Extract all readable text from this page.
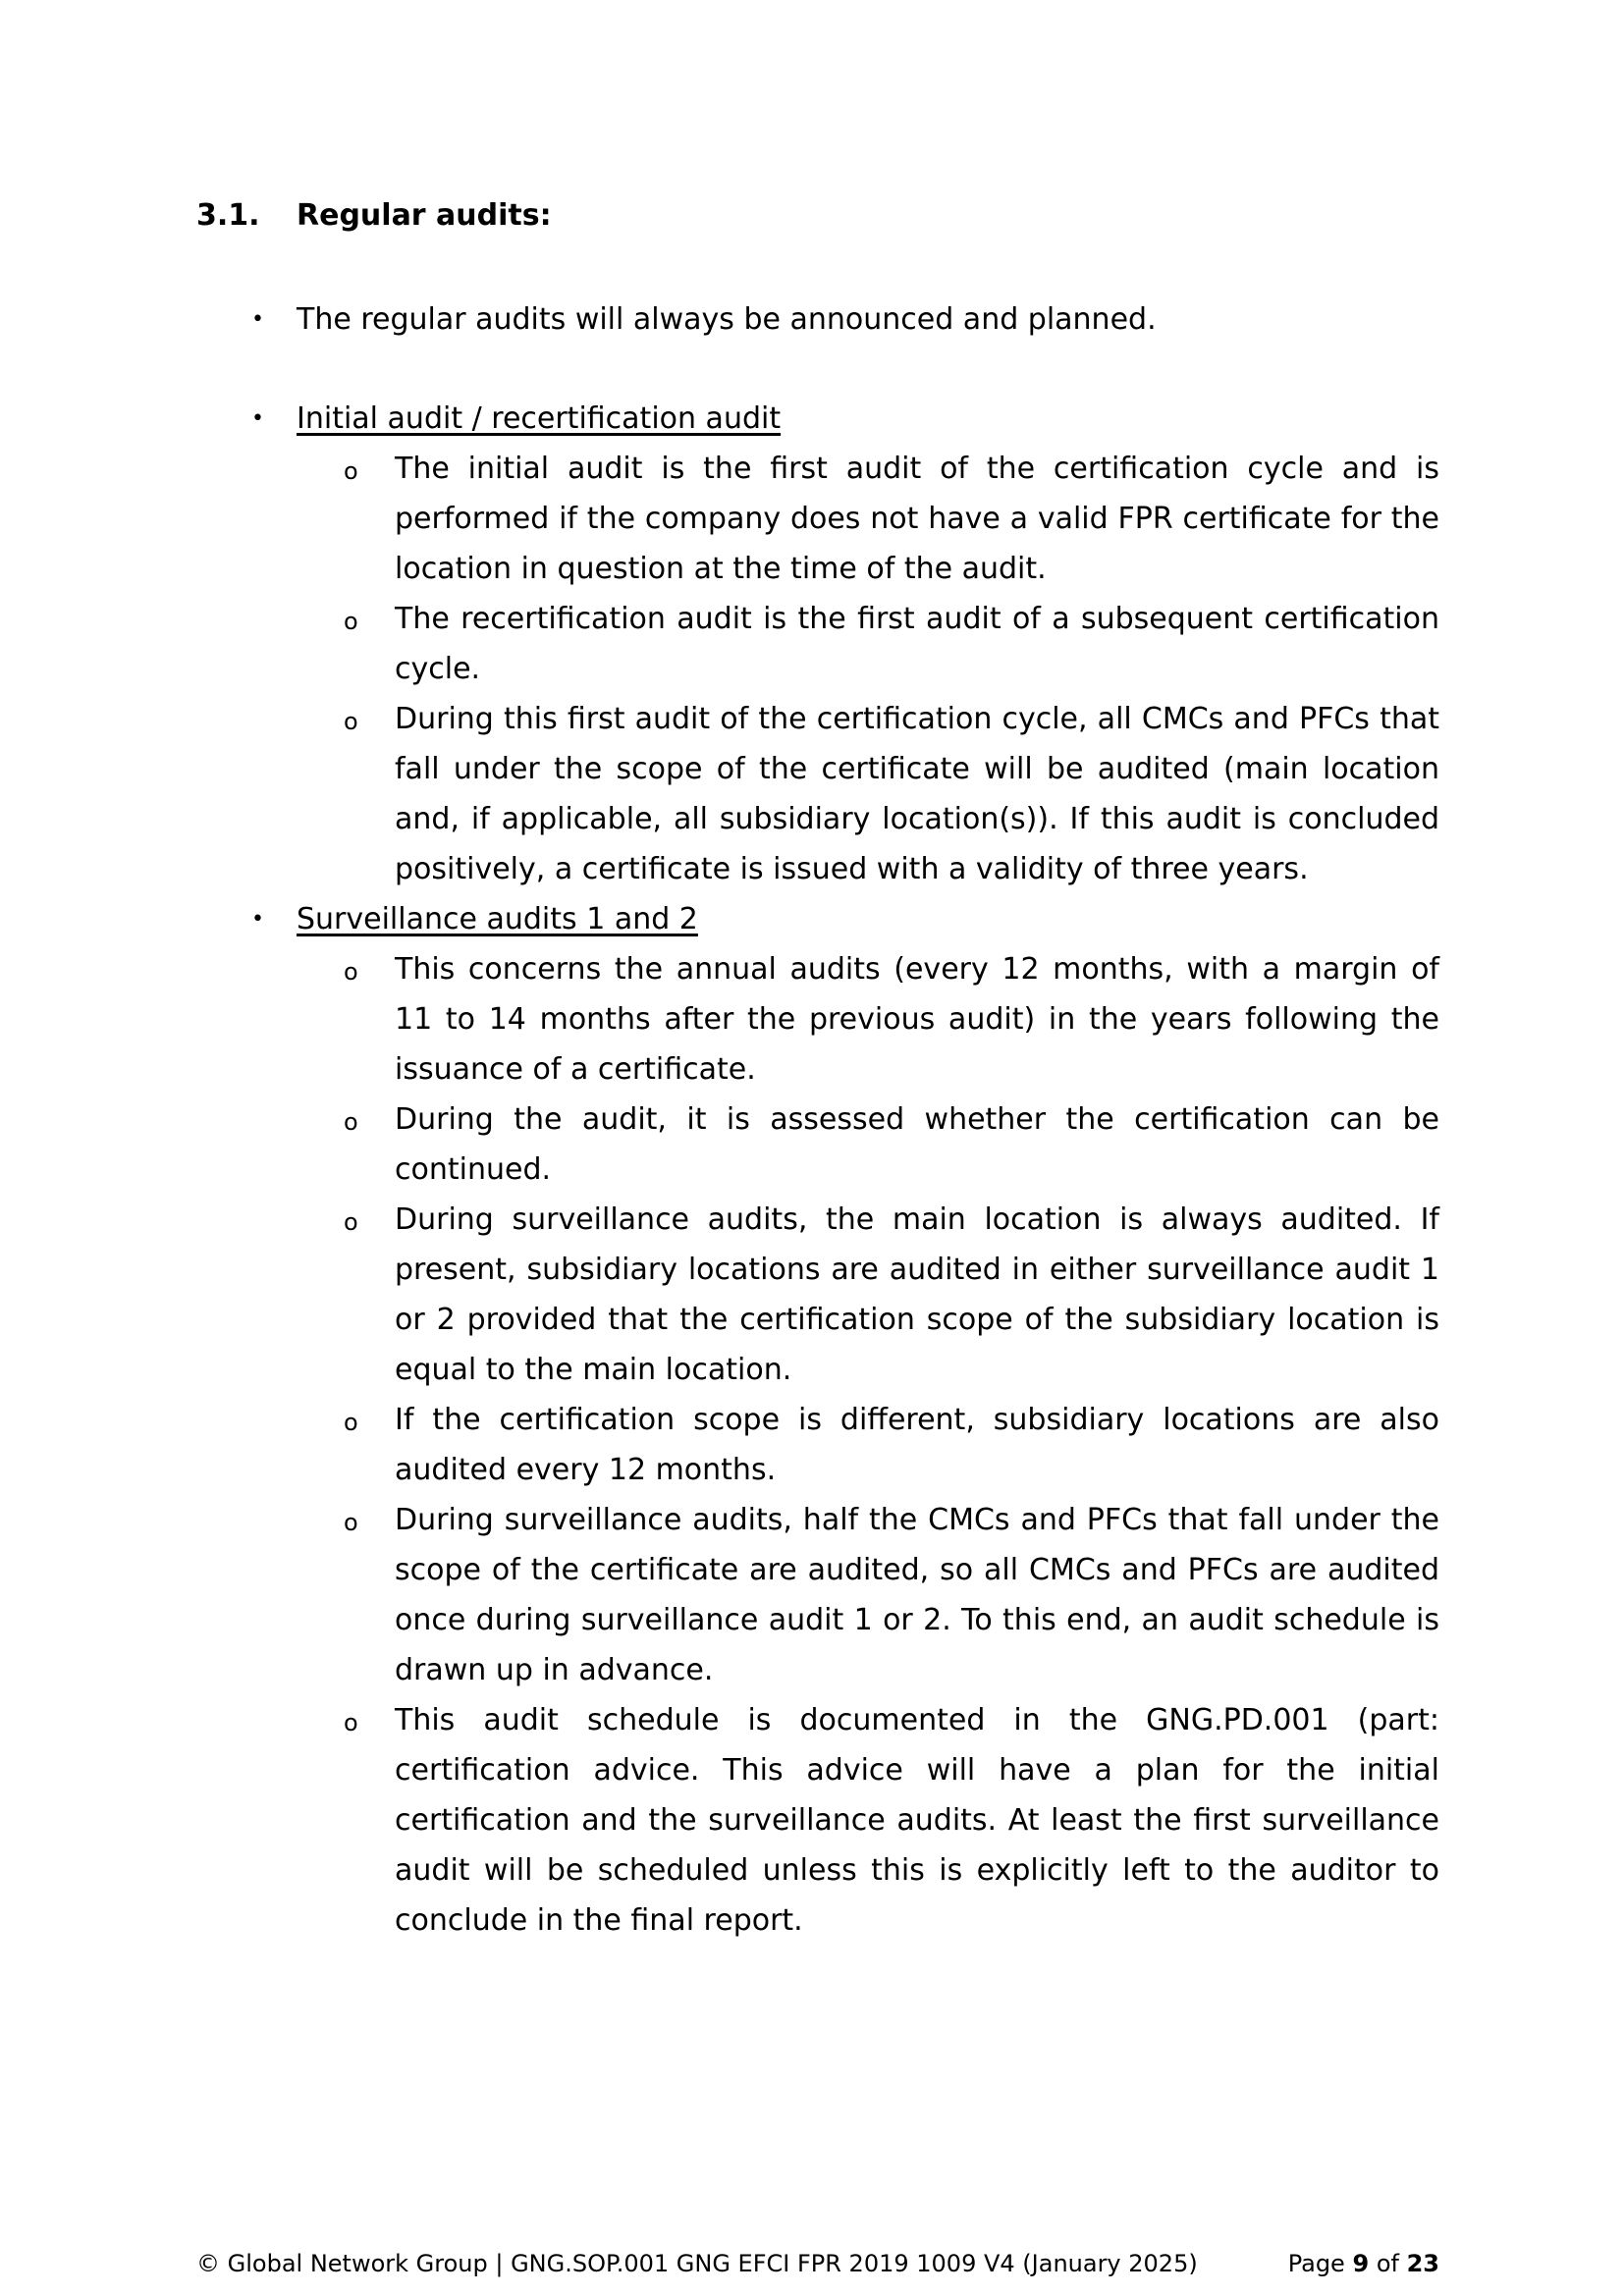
3.1. Regular audits:
• The regular audits will always be announced and planned.
• Initial audit / recertification audit
o The initial audit is the first audit of the certification cycle and is performed if the company does not have a valid FPR certificate for the location in question at the time of the audit.
o The recertification audit is the first audit of a subsequent certification cycle.
o During this first audit of the certification cycle, all CMCs and PFCs that fall under the scope of the certificate will be audited (main location and, if applicable, all subsidiary location(s)). If this audit is concluded positively, a certificate is issued with a validity of three years.
• Surveillance audits 1 and 2
o This concerns the annual audits (every 12 months, with a margin of 11 to 14 months after the previous audit) in the years following the issuance of a certificate.
o During the audit, it is assessed whether the certification can be continued.
o During surveillance audits, the main location is always audited. If present, subsidiary locations are audited in either surveillance audit 1 or 2 provided that the certification scope of the subsidiary location is equal to the main location.
o If the certification scope is different, subsidiary locations are also audited every 12 months.
o During surveillance audits, half the CMCs and PFCs that fall under the scope of the certificate are audited, so all CMCs and PFCs are audited once during surveillance audit 1 or 2. To this end, an audit schedule is drawn up in advance.
o This audit schedule is documented in the GNG.PD.001 (part: certification advice. This advice will have a plan for the initial certification and the surveillance audits. At least the first surveillance audit will be scheduled unless this is explicitly left to the auditor to conclude in the final report.
© Global Network Group | GNG.SOP.001 GNG EFCI FPR 2019 1009 V4 (January 2025)	Page 9 of 23
